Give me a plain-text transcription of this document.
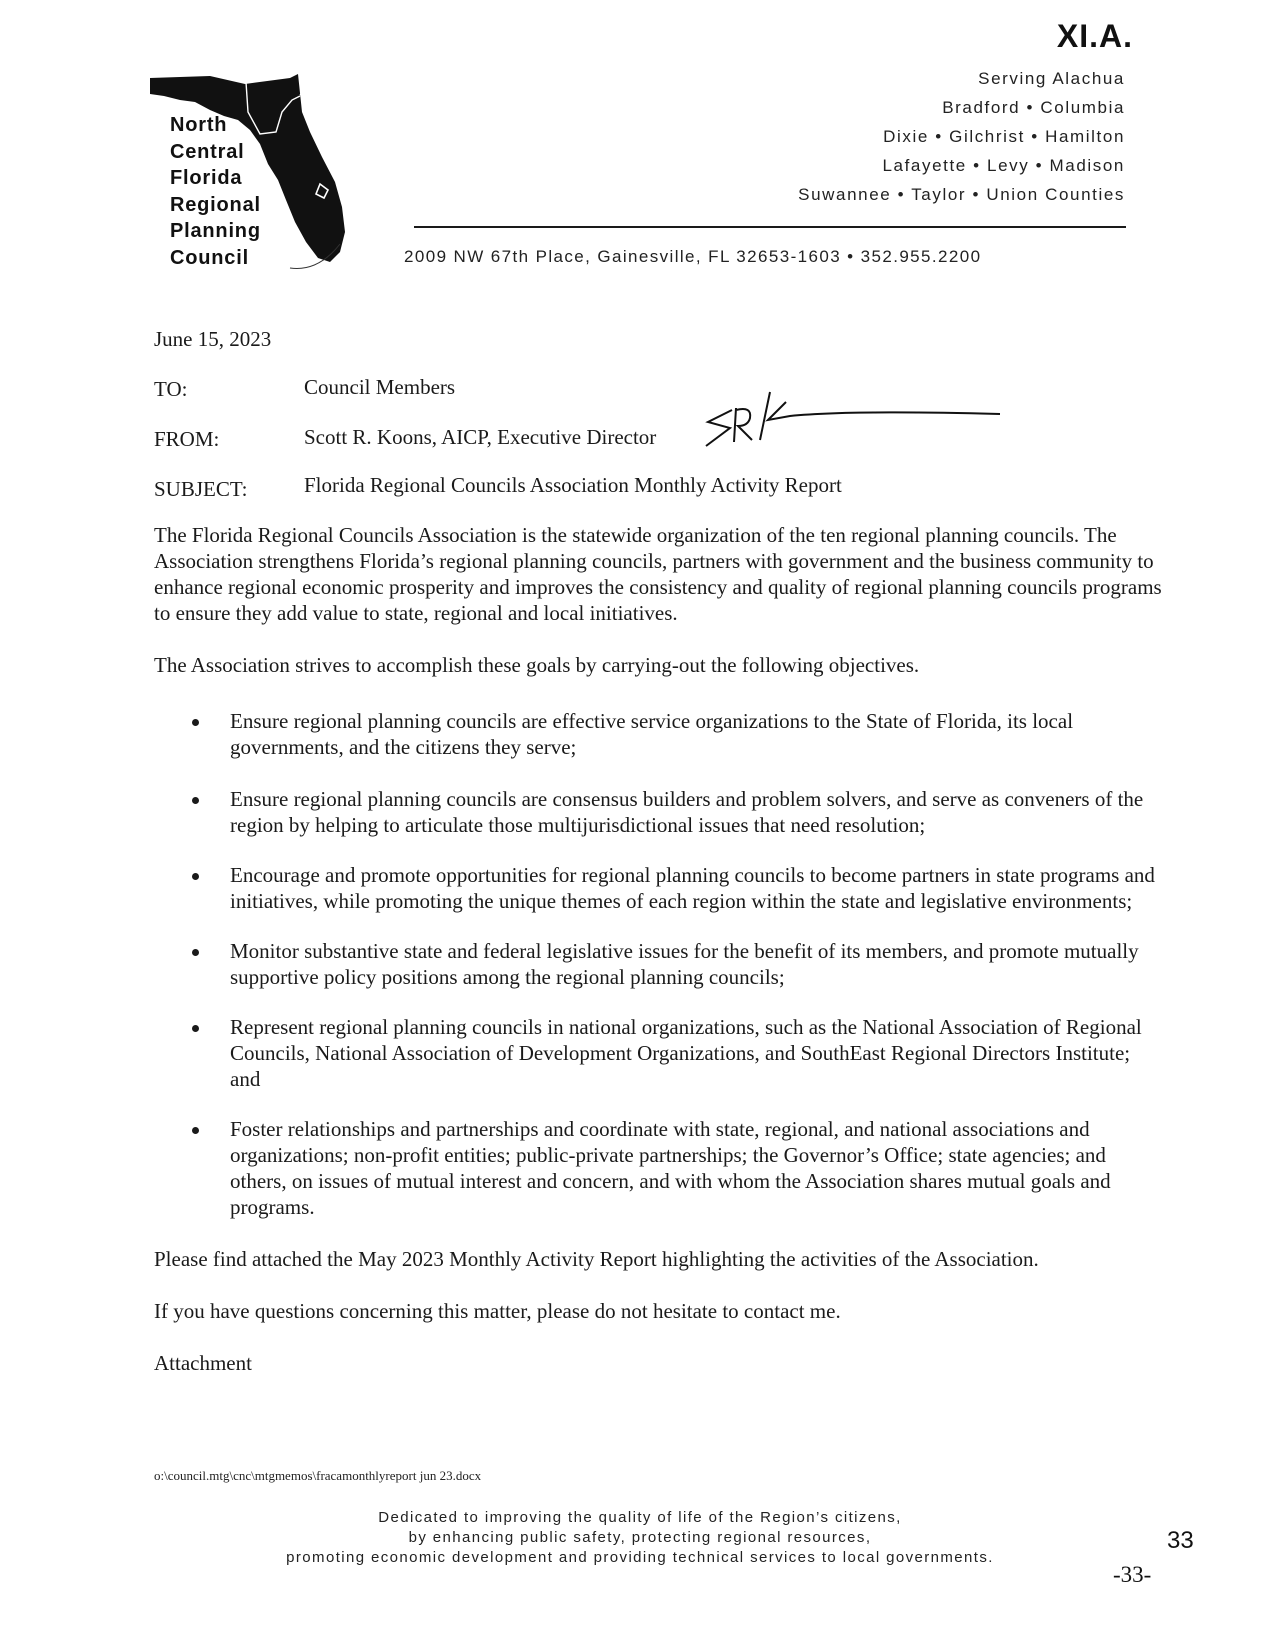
XI.A.
North
Central
Florida
Regional
Planning
Council
Serving Alachua
Bradford • Columbia
Dixie • Gilchrist • Hamilton
Lafayette • Levy • Madison
Suwannee • Taylor • Union Counties
2009 NW 67th Place, Gainesville, FL 32653-1603 • 352.955.2200
June 15, 2023
TO:	Council Members
FROM:	Scott R. Koons, AICP, Executive Director
SUBJECT:	Florida Regional Councils Association Monthly Activity Report
The Florida Regional Councils Association is the statewide organization of the ten regional planning councils. The Association strengthens Florida’s regional planning councils, partners with government and the business community to enhance regional economic prosperity and improves the consistency and quality of regional planning councils programs to ensure they add value to state, regional and local initiatives.
The Association strives to accomplish these goals by carrying-out the following objectives.
Ensure regional planning councils are effective service organizations to the State of Florida, its local governments, and the citizens they serve;
Ensure regional planning councils are consensus builders and problem solvers, and serve as conveners of the region by helping to articulate those multijurisdictional issues that need resolution;
Encourage and promote opportunities for regional planning councils to become partners in state programs and initiatives, while promoting the unique themes of each region within the state and legislative environments;
Monitor substantive state and federal legislative issues for the benefit of its members, and promote mutually supportive policy positions among the regional planning councils;
Represent regional planning councils in national organizations, such as the National Association of Regional Councils, National Association of Development Organizations, and SouthEast Regional Directors Institute; and
Foster relationships and partnerships and coordinate with state, regional, and national associations and organizations; non-profit entities; public-private partnerships; the Governor’s Office; state agencies; and others, on issues of mutual interest and concern, and with whom the Association shares mutual goals and programs.
Please find attached the May 2023 Monthly Activity Report highlighting the activities of the Association.
If you have questions concerning this matter, please do not hesitate to contact me.
Attachment
o:\council.mtg\cnc\mtgmemos\fracamonthlyreport jun 23.docx
Dedicated to improving the quality of life of the Region’s citizens,
by enhancing public safety, protecting regional resources,
promoting economic development and providing technical services to local governments.
33
-33-
